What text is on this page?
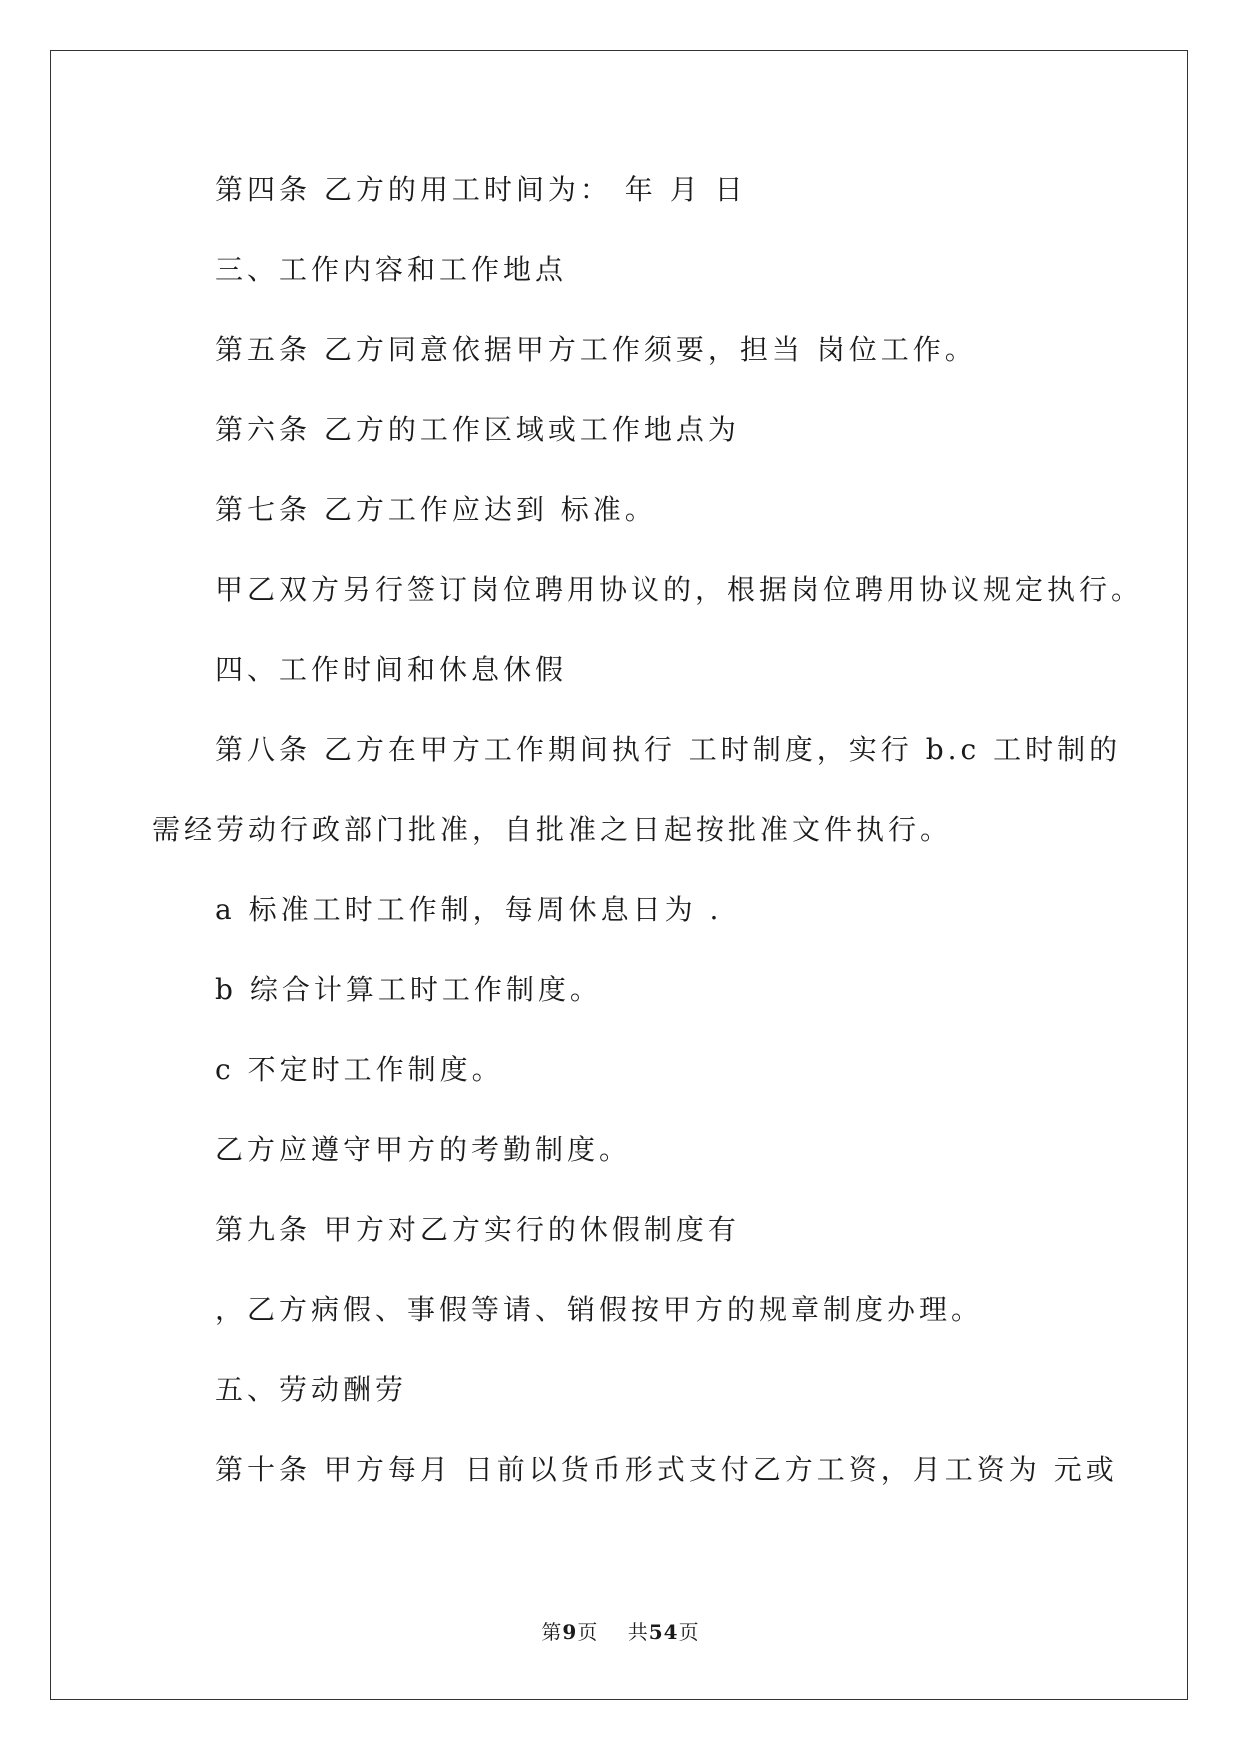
第四条 乙方的用工时间为： 年 月 日
三、工作内容和工作地点
第五条 乙方同意依据甲方工作须要，担当 岗位工作。
第六条 乙方的工作区域或工作地点为
第七条 乙方工作应达到 标准。
甲乙双方另行签订岗位聘用协议的，根据岗位聘用协议规定执行。
四、工作时间和休息休假
第八条 乙方在甲方工作期间执行 工时制度，实行 b.c 工时制的
需经劳动行政部门批准，自批准之日起按批准文件执行。
a 标准工时工作制，每周休息日为 .
b 综合计算工时工作制度。
c 不定时工作制度。
乙方应遵守甲方的考勤制度。
第九条 甲方对乙方实行的休假制度有
，乙方病假、事假等请、销假按甲方的规章制度办理。
五、劳动酬劳
第十条 甲方每月 日前以货币形式支付乙方工资，月工资为 元或
第9页 共54页
